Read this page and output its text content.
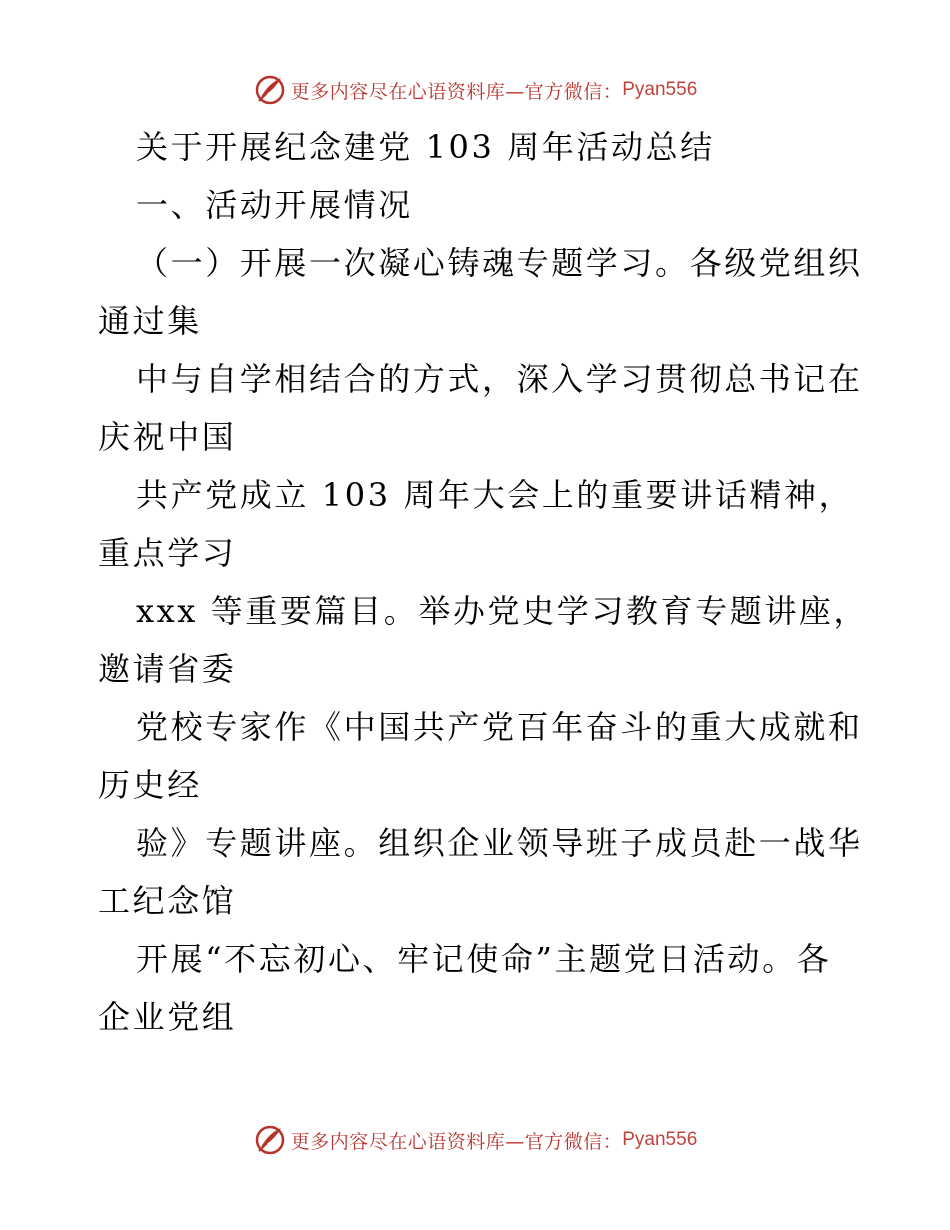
更多内容尽在心语资料库—官方微信： Pyan556
关于开展纪念建党 103 周年活动总结
一、活动开展情况
（一）开展一次凝心铸魂专题学习。各级党组织
通过集
中与自学相结合的方式，深入学习贯彻总书记在
庆祝中国
共产党成立 103 周年大会上的重要讲话精神，
重点学习
xxx 等重要篇目。举办党史学习教育专题讲座，
邀请省委
党校专家作《中国共产党百年奋斗的重大成就和
历史经
验》专题讲座。组织企业领导班子成员赴一战华
工纪念馆
开展“不忘初心、牢记使命”主题党日活动。各
企业党组
更多内容尽在心语资料库—官方微信： Pyan556
